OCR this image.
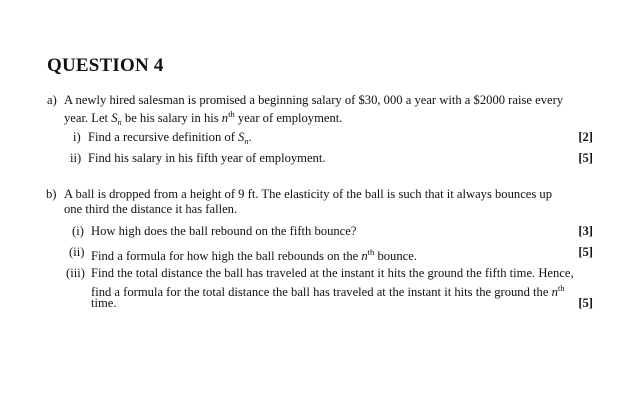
QUESTION 4
a) A newly hired salesman is promised a beginning salary of $30, 000 a year with a $2000 raise every
year. Let $S_n$ be his salary in his $n^{th}$ year of employment.
i) Find a recursive definition of $S_n$.	[2]
ii) Find his salary in his fifth year of employment.	[5]
b) A ball is dropped from a height of 9 ft. The elasticity of the ball is such that it always bounces up
one third the distance it has fallen.
(i) How high does the ball rebound on the fifth bounce?	[3]
(ii) Find a formula for how high the ball rebounds on the $n^{th}$ bounce.	[5]
(iii) Find the total distance the ball has traveled at the instant it hits the ground the fifth time. Hence,
find a formula for the total distance the ball has traveled at the instant it hits the ground the $n^{th}$
time.	[5]
